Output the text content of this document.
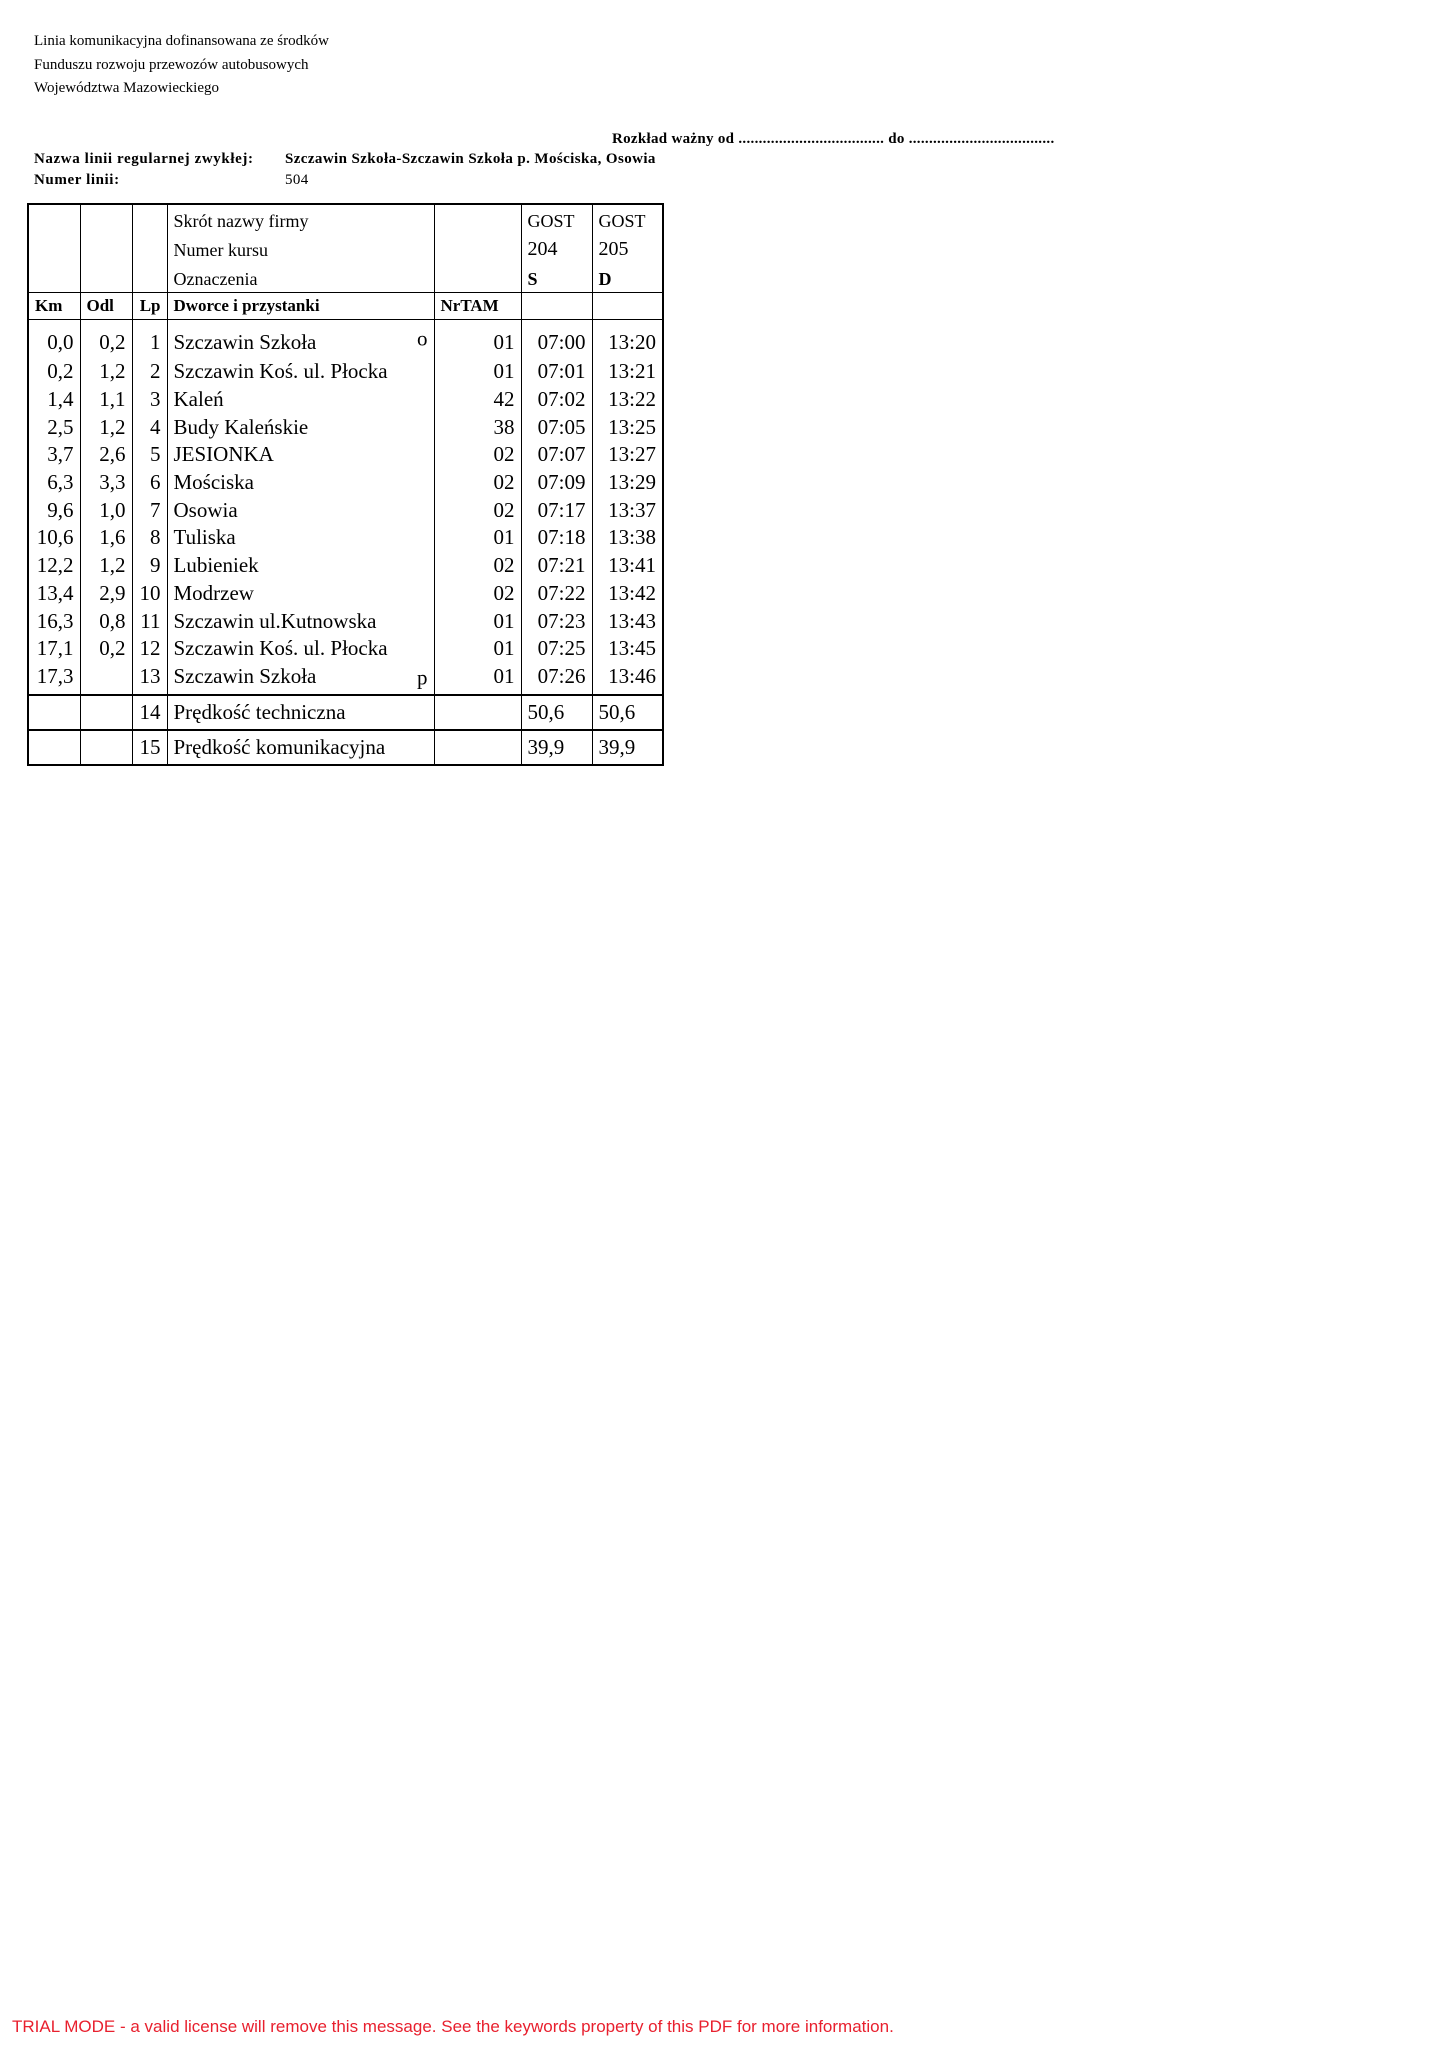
Linia komunikacyjna dofinansowana ze środków
Funduszu rozwoju przewozów autobusowych
Województwa Mazowieckiego
Rozkład ważny od .................................... do ....................................
Nazwa linii regularnej zwykłej: Szczawin Szkoła-Szczawin Szkoła p. Mościska, Osowia
Numer linii:	504
			Skrót nazwy firmy		GOST	GOST
			Numer kursu		204	205
			Oznaczenia		S	D
Km	Odl	Lp	Dworce i przystanki	NrTAM		
0,0	0,2	1	Szczawin Szkoła o	01	07:00	13:20
0,2	1,2	2	Szczawin Koś. ul. Płocka	01	07:01	13:21
1,4	1,1	3	Kaleń	42	07:02	13:22
2,5	1,2	4	Budy Kaleńskie	38	07:05	13:25
3,7	2,6	5	JESIONKA	02	07:07	13:27
6,3	3,3	6	Mościska	02	07:09	13:29
9,6	1,0	7	Osowia	02	07:17	13:37
10,6	1,6	8	Tuliska	01	07:18	13:38
12,2	1,2	9	Lubieniek	02	07:21	13:41
13,4	2,9	10	Modrzew	02	07:22	13:42
16,3	0,8	11	Szczawin ul.Kutnowska	01	07:23	13:43
17,1	0,2	12	Szczawin Koś. ul. Płocka	01	07:25	13:45
17,3		13	Szczawin Szkoła p	01	07:26	13:46
		14	Prędkość techniczna		50,6	50,6
		15	Prędkość komunikacyjna		39,9	39,9
TRIAL MODE - a valid license will remove this message. See the keywords property of this PDF for more information.
